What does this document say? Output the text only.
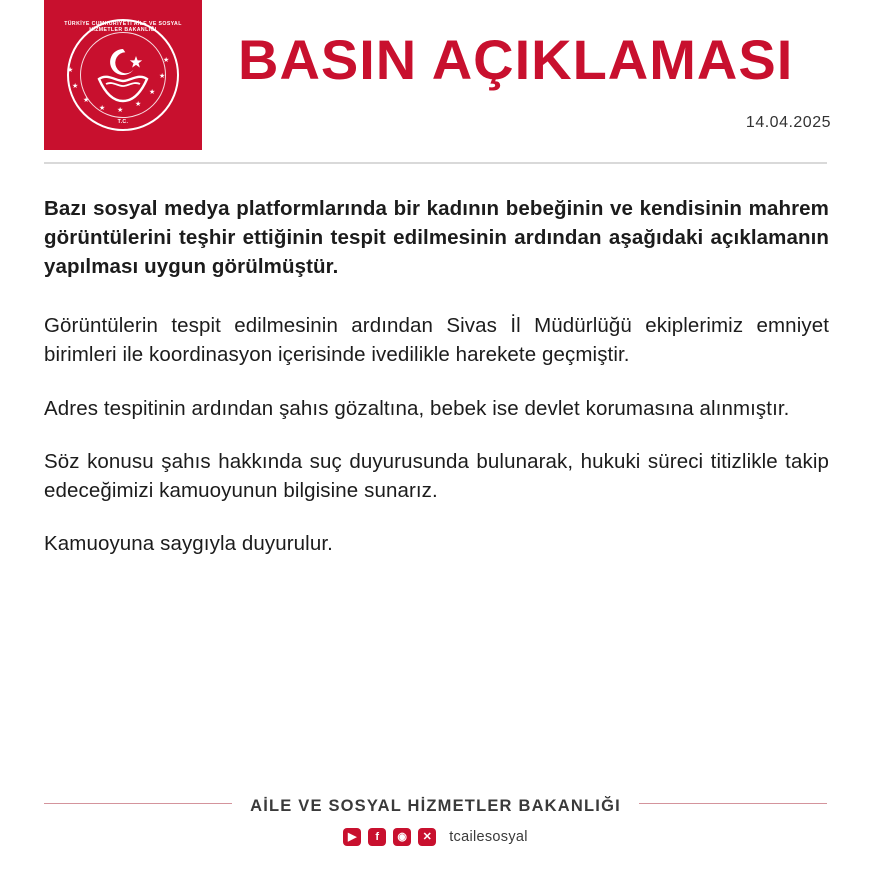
TÜRKİYE CUMHURİYETİ AİLE VE SOSYAL HİZMETLER BAKANLIĞI
T.C.
★
★
★
★ ★
★
★
★
★ BASIN AÇIKLAMASI
14.04.2025

Bazı sosyal medya platformlarında bir kadının bebeğinin ve kendisinin mahrem görüntülerini teşhir ettiğinin tespit edilmesinin ardından aşağıdaki açıklamanın yapılması uygun görülmüştür.

Görüntülerin tespit edilmesinin ardından Sivas İl Müdürlüğü ekiplerimiz emniyet birimleri ile koordinasyon içerisinde ivedilikle harekete geçmiştir.

Adres tespitinin ardından şahıs gözaltına, bebek ise devlet korumasına alınmıştır.

Söz konusu şahıs hakkında suç duyurusunda bulunarak, hukuki süreci titizlikle takip edeceğimizi kamuoyunun bilgisine sunarız.

Kamuoyuna saygıyla duyurulur.

AİLE VE SOSYAL HİZMETLER BAKANLIĞI
▶	f	◉	✕	tcailesosyal
